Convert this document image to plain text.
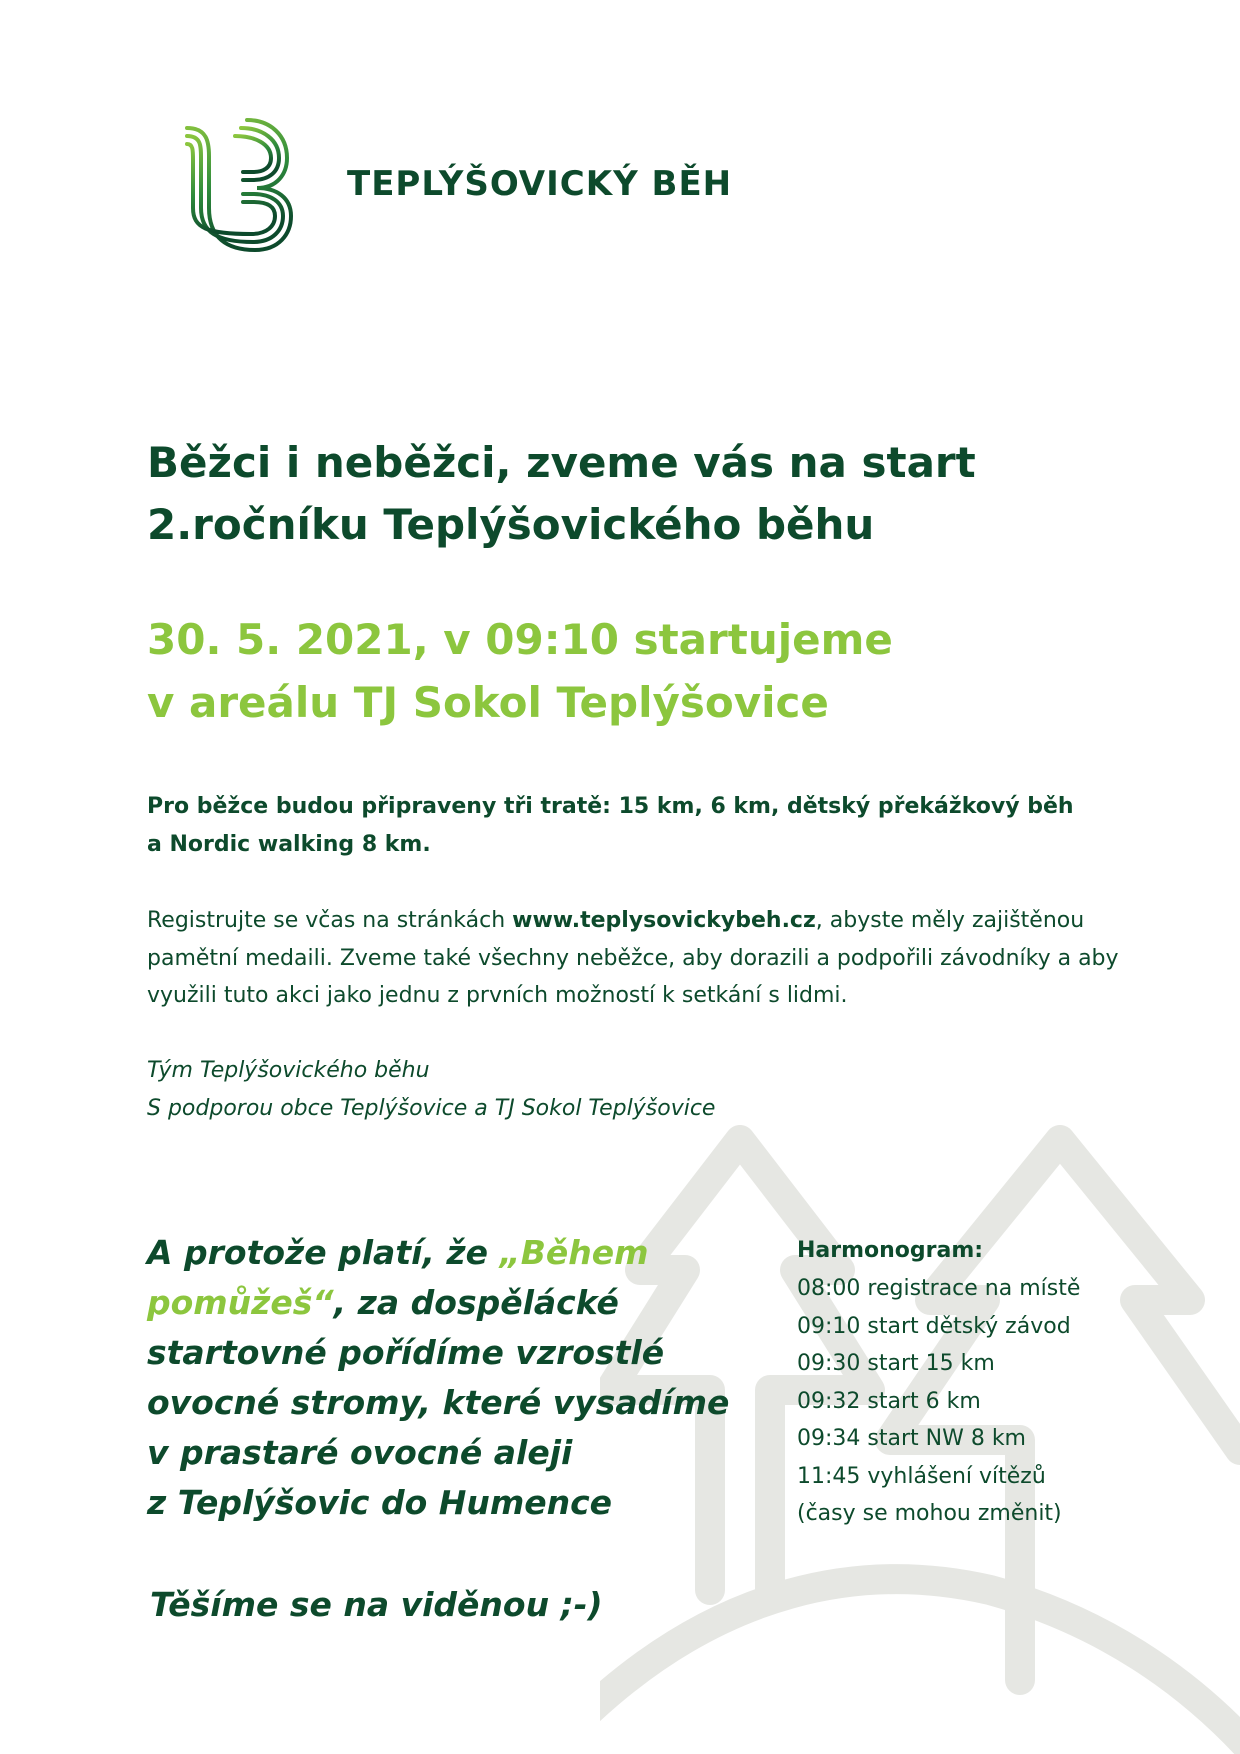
TEPLÝŠOVICKÝ BĚH
Běžci i neběžci, zveme vás na start
2.ročníku Teplýšovického běhu
30. 5. 2021, v 09:10 startujeme
v areálu TJ Sokol Teplýšovice

Pro běžce budou připraveny tři tratě: 15 km, 6 km, dětský překážkový běh
a Nordic walking 8 km.

Registrujte se včas na stránkách www.teplysovickybeh.cz, abyste měly zajištěnou
pamětní medaili. Zveme také všechny neběžce, aby dorazili a podpořili závodníky a aby
využili tuto akci jako jednu z prvních možností k setkání s lidmi.

Tým Teplýšovického běhu
S podporou obce Teplýšovice a TJ Sokol Teplýšovice

A protože platí, že „Během
pomůžeš“, za dospělácké
startovné pořídíme vzrostlé
ovocné stromy, které vysadíme
v prastaré ovocné aleji
z Teplýšovic do Humence

Těšíme se na viděnou ;-)

Harmonogram:
08:00 registrace na místě
09:10 start dětský závod
09:30 start 15 km
09:32 start 6 km
09:34 start NW 8 km
11:45 vyhlášení vítězů
(časy se mohou změnit)
